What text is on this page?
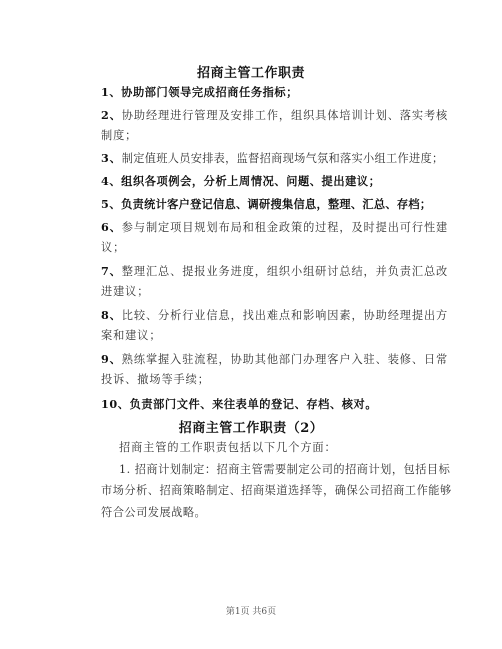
招商主管工作职责
1、协助部门领导完成招商任务指标；
2、协助经理进行管理及安排工作，组织具体培训计划、落实考核
制度；
3、制定值班人员安排表，监督招商现场气氛和落实小组工作进度；
4、组织各项例会，分析上周情况、问题、提出建议；
5、负责统计客户登记信息、调研搜集信息，整理、汇总、存档；
6、参与制定项目规划布局和租金政策的过程，及时提出可行性建
议；
7、整理汇总、提报业务进度，组织小组研讨总结，并负责汇总改
进建议；
8、比较、分析行业信息，找出难点和影响因素，协助经理提出方
案和建议；
9、熟练掌握入驻流程，协助其他部门办理客户入驻、装修、日常
投诉、撤场等手续；
10、负责部门文件、来往表单的登记、存档、核对。
招商主管工作职责（2）
招商主管的工作职责包括以下几个方面：
1. 招商计划制定：招商主管需要制定公司的招商计划，包括目标
市场分析、招商策略制定、招商渠道选择等，确保公司招商工作能够
符合公司发展战略。
第1页 共6页
